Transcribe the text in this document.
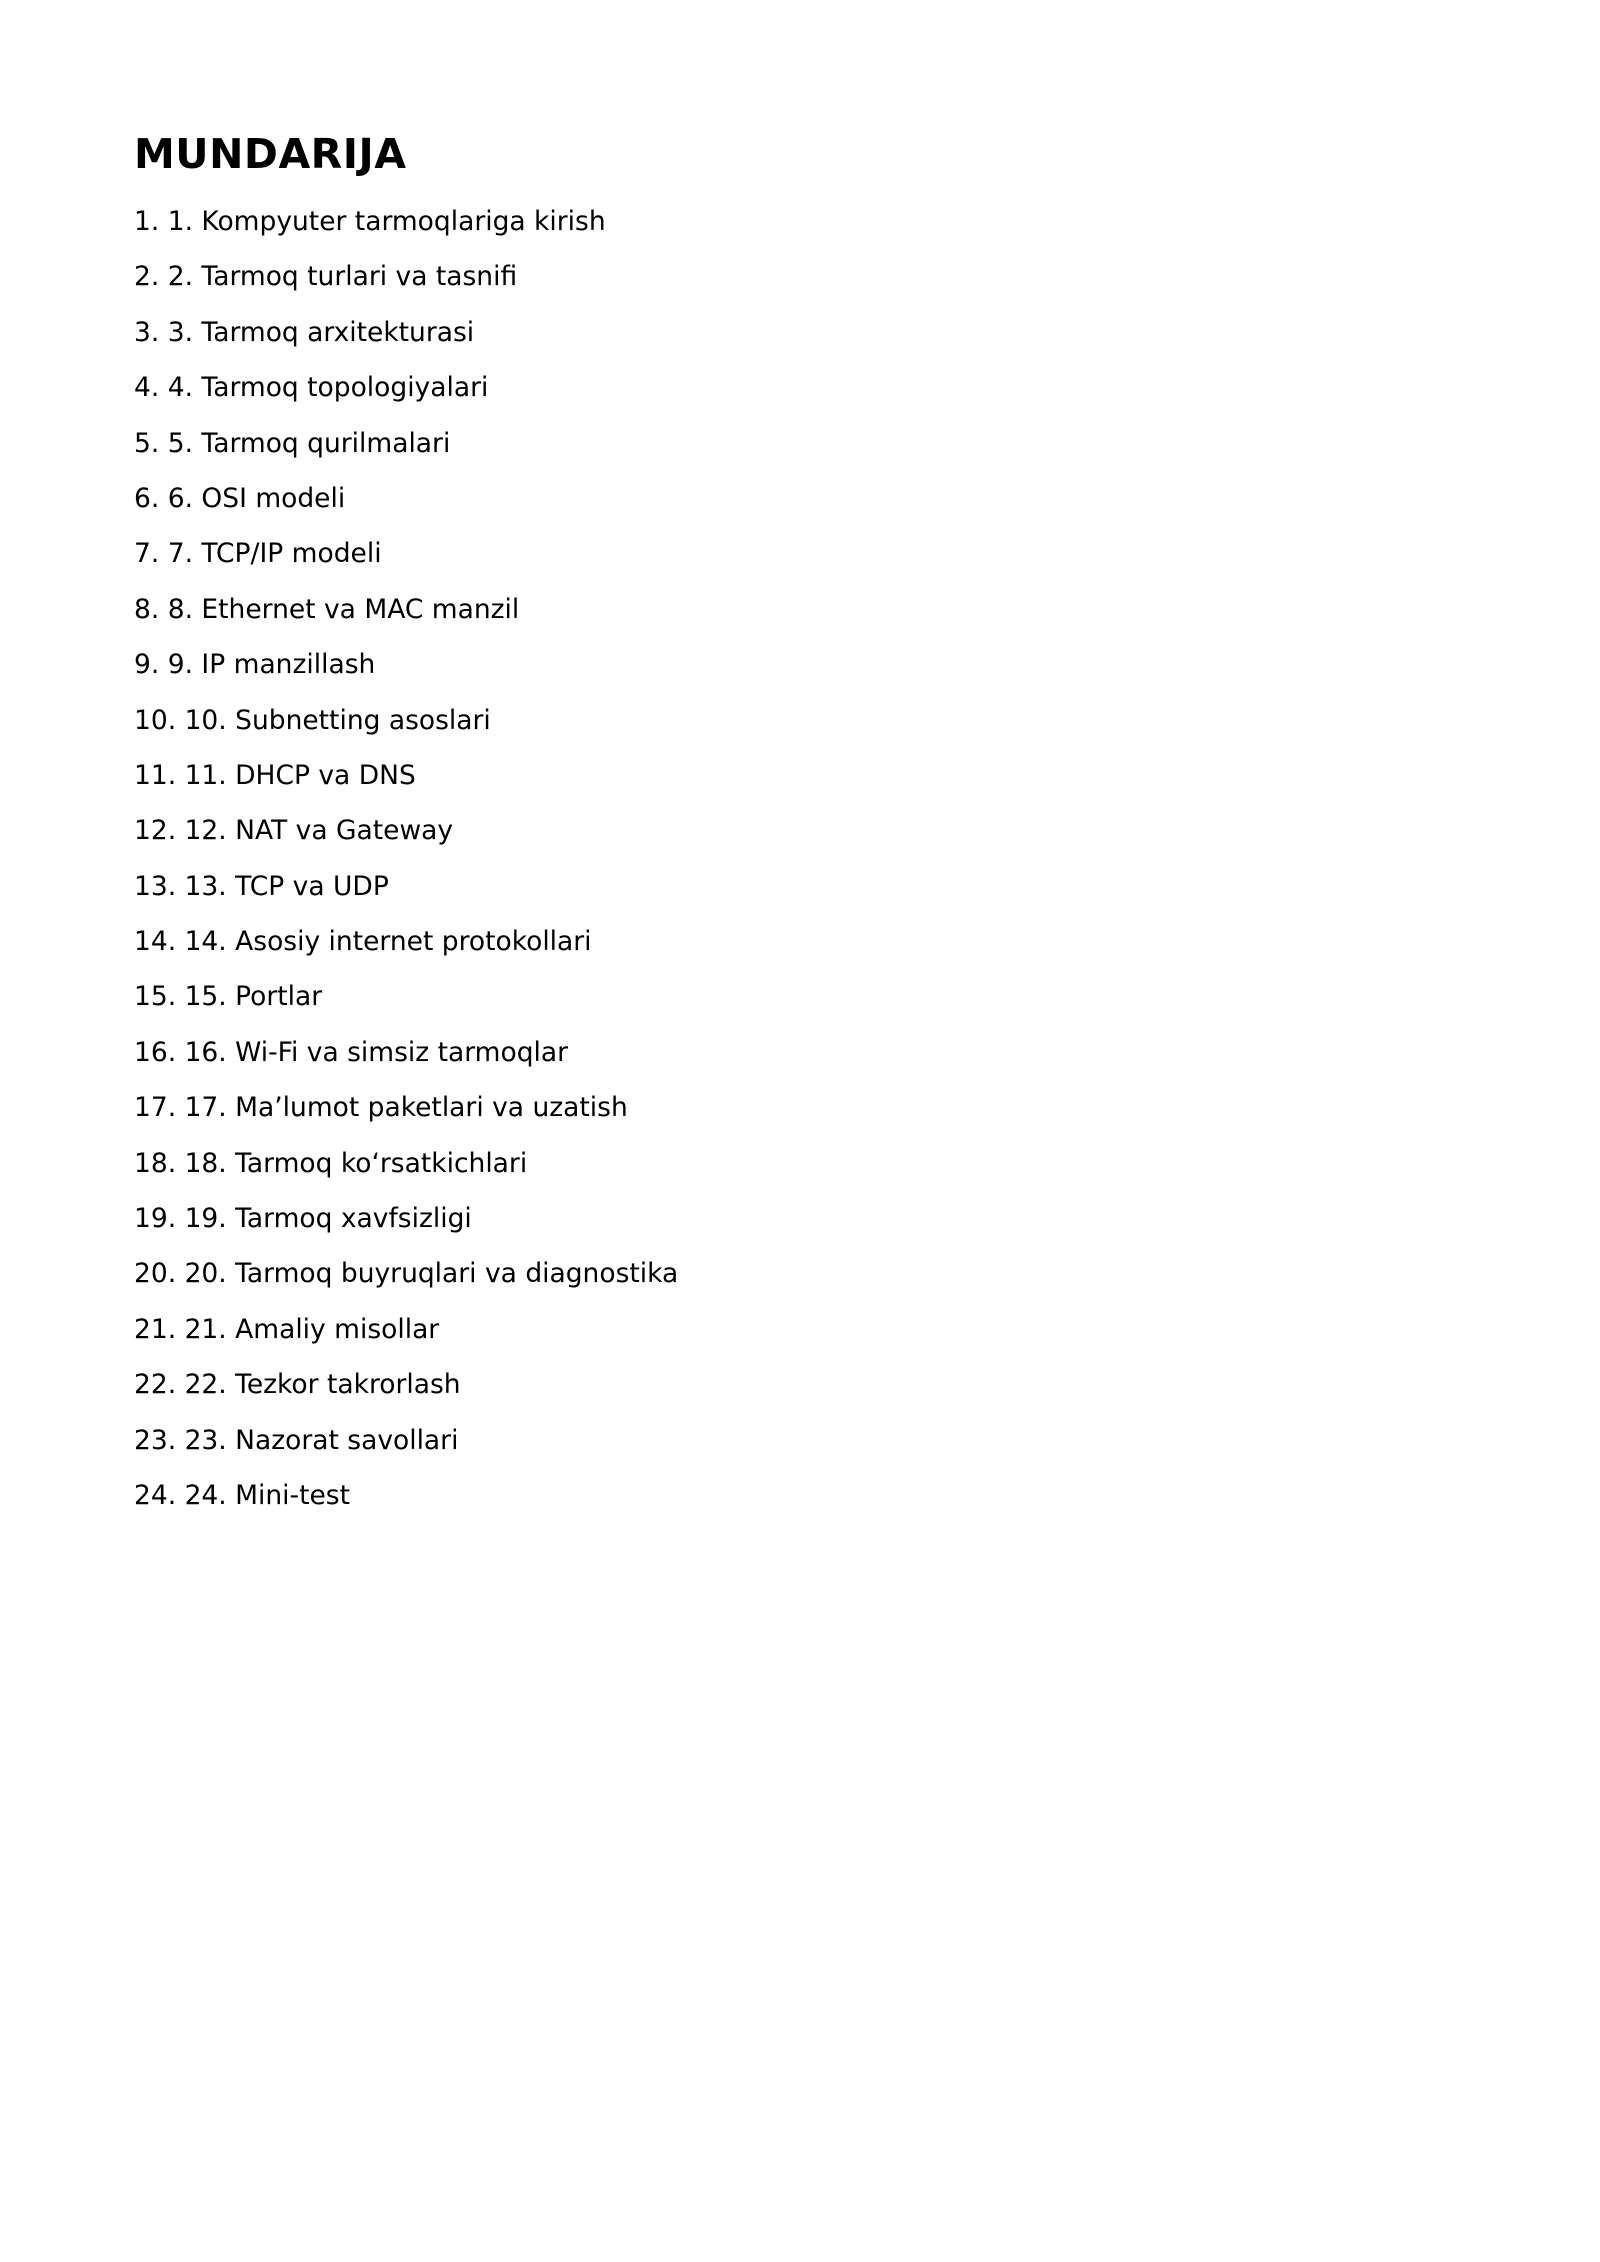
MUNDARIJA
1. 1. Kompyuter tarmoqlariga kirish
2. 2. Tarmoq turlari va tasnifi
3. 3. Tarmoq arxitekturasi
4. 4. Tarmoq topologiyalari
5. 5. Tarmoq qurilmalari
6. 6. OSI modeli
7. 7. TCP/IP modeli
8. 8. Ethernet va MAC manzil
9. 9. IP manzillash
10. 10. Subnetting asoslari
11. 11. DHCP va DNS
12. 12. NAT va Gateway
13. 13. TCP va UDP
14. 14. Asosiy internet protokollari
15. 15. Portlar
16. 16. Wi-Fi va simsiz tarmoqlar
17. 17. Ma’lumot paketlari va uzatish
18. 18. Tarmoq ko‘rsatkichlari
19. 19. Tarmoq xavfsizligi
20. 20. Tarmoq buyruqlari va diagnostika
21. 21. Amaliy misollar
22. 22. Tezkor takrorlash
23. 23. Nazorat savollari
24. 24. Mini-test
